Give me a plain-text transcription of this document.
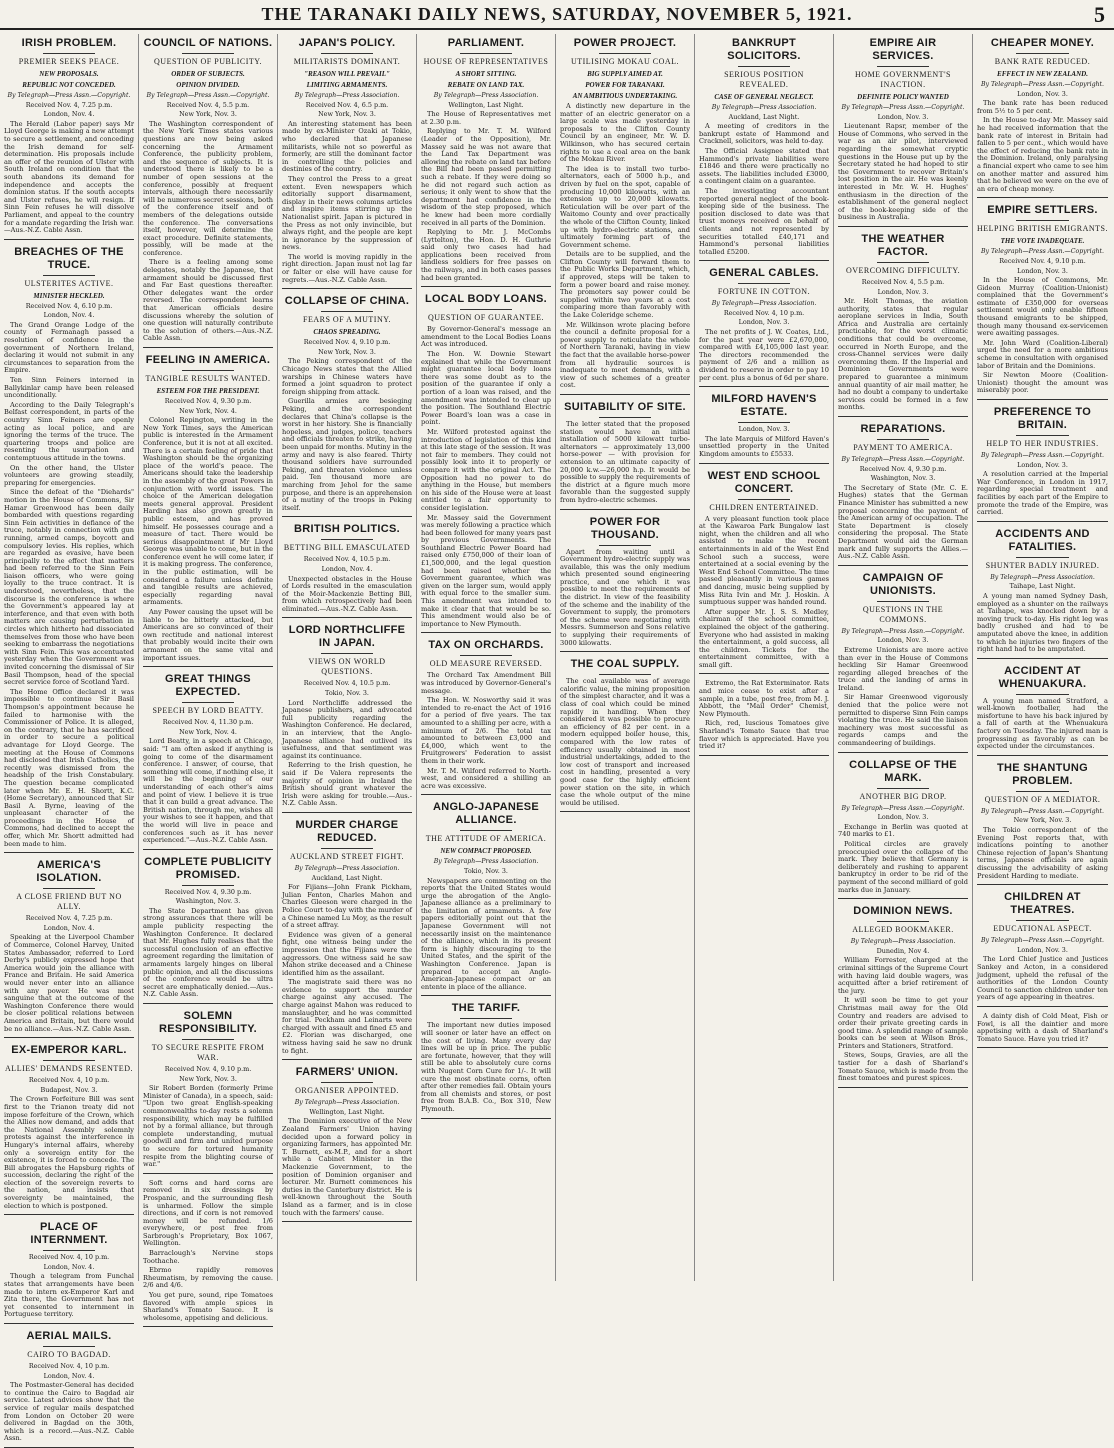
THE TARANAKI DAILY NEWS, SATURDAY, NOVEMBER 5, 1921.	5
IRISH PROBLEM.
PREMIER SEEKS PEACE.
NEW PROPOSALS.
REPUBLIC NOT CONCEDED.
By Telegraph—Press Assn.—Copyright.
Received Nov. 4, 7.25 p.m.
London, Nov. 4.

The Herald (Labor paper) says Mr Lloyd George is making a new attempt to secure a settlement, and conceding the Irish demand for self-determination. His proposals include an offer of the reunion of Ulster with South Ireland on condition that the south abandons its demand for independence and accepts the dominion status. If the south accepts and Ulster refuses, he will resign. If Sinn Fein refuses he will dissolve Parliament, and appeal to the country for a mandate regarding the Irish war.—Aus.-N.Z. Cable Assn.

BREACHES OF THE TRUCE.
ULSTERITES ACTIVE.
MINISTER HECKLED.
Received Nov. 4, 6.10 p.m.
London, Nov. 4.

The Grand Orange Lodge of the county of Fermanagh passed a resolution of confidence in the government of Northern Ireland, declaring it would not submit in any circumstances to separation from the Empire.

Ten Sinn Feiners interned in Ballykinlar camp have been released unconditionally.

According to the Daily Telegraph's Belfast correspondent, in parts of the country Sinn Feiners are openly acting as local police, and are ignoring the terms of the truce. The quartering troops and police are resenting the usurpation and contemptuous attitude in the towns.

On the other hand, the Ulster volunteers are growing steadily, preparing for emergencies.

Since the defeat of the "Diehards" motion in the House of Commons, Sir Hamar Greenwood has been daily bombarded with questions regarding Sinn Fein activities in defiance of the truce, notably in connection with gun running, armed camps, boycott and compulsory levies. His replies, which are regarded as evasive, have been principally to the effect that matters had been referred to the Sinn Fein liaison officers, who were going loyally to the truce contract. It is understood, nevertheless, that the discourse is the conference is where the Government's appeared lay at interference, and that even with both matters are causing perturbation in circles which hitherto had dissociated themselves from those who have been seeking to embarrass the negotiations with Sinn Fein. This was accentuated yesterday when the Government was invited concerning the dismissal of Sir Basil Thompson, head of the special secret service force of Scotland Yard.

The Home Office declared it was impossible to continue Sir Basil Thompson's appointment because he failed to harmonise with the Commissioner of Police. It is alleged, on the contrary, that he has sacrificed in order to secure a political advantage for Lloyd George. The meeting at the House of Commons had disclosed that Irish Catholics, the recently was dismissed from the headship of the Irish Constabulary. The question became complicated later when Mr. E. H. Shortt, K.C. (Home Secretary), announced that Sir Basil A. Byrne, leaving of the unpleasant character of the proceedings in the House of Commons, had declined to accept the offer, which Mr. Shortt admitted had been made to him.

AMERICA'S ISOLATION.
A CLOSE FRIEND BUT NO ALLY.
Received Nov. 4, 7.25 p.m.
London, Nov. 4.

Speaking at the Liverpool Chamber of Commerce, Colonel Harvey, United States Ambassador, referred to Lord Derby's publicly expressed hope that America would join the alliance with France and Britain. He said America would never enter into an alliance with any power. He was most sanguine that at the outcome of the Washington Conference there would be closer political relations between America and Britain, but there would be no alliance.—Aus.-N.Z. Cable Assn.

EX-EMPEROR KARL.
ALLIES' DEMANDS RESENTED.
Received Nov. 4, 10 p.m.
Budapest, Nov. 3.

The Crown Forfeiture Bill was sent first to the Trianon treaty did not impose forfeiture of the Crown, which the Allies now demand, and adds that the National Assembly solemnly protests against the interference in Hungary's internal affairs, whereby only a sovereign entity for the existence, it is forced to concede. The Bill abrogates the Hapsburg rights of succession, declaring the right of the election of the sovereign reverts to the nation, and insists that sovereignty be maintained, the election to which is postponed.

PLACE OF INTERNMENT.
Received Nov. 4, 10 p.m.
London, Nov. 4.

Though a telegram from Funchal states that arrangements have been made to intern ex-Emperor Karl and Zita there, the Government has not yet consented to internment in Portuguese territory.

AERIAL MAILS.
CAIRO TO BAGDAD.
Received Nov. 4, 10 p.m.
London, Nov. 4.

The Postmaster-General has decided to continue the Cairo to Bagdad air service. Latest advices show that the service of regular mails despatched from London on October 20 were delivered in Bagdad on the 30th, which is a record.—Aus.-N.Z. Cable Assn.

COUNCIL OF NATIONS.
QUESTION OF PUBLICITY.
ORDER OF SUBJECTS.
OPINION DIVIDED.
By Telegraph—Press Assn.—Copyright.
Received Nov. 4, 5.5 p.m.
New York, Nov. 3.

The Washington correspondent of the New York Times states various questions are now being asked concerning the Armament Conference, the publicity problem, and the sequence of subjects. It is understood there is likely to be a number of open sessions at the conference, possibly at frequent intervals, although there necessarily will be numerous secret sessions, both of the conference itself and of members of the delegations outside the conference. The conversations itself, however, will determine the exact procedure. Definite statements, possibly, will be made at the conference.

There is a feeling among some delegates, notably the Japanese, that armament should be discussed first and Far East questions thereafter. Other delegates want the order reversed. The correspondent learns that American officials desire discussions whereby the solution of one question will naturally contribute to the solution of others.—Aus.-N.Z. Cable Assn.

FEELING IN AMERICA.
TANGIBLE RESULTS WANTED.
ESTEEM FOR THE PRESIDENT.
Received Nov. 4, 9.30 p.m.
New York, Nov. 4.

Colonel Repington, writing in the New York Times, says the American public is interested in the Armament Conference, but it is not at all excited. There is a certain feeling of pride that Washington should be the organizing place of the world's peace. The Americans should take the leadership in the assembly of the great Powers in conjunction with world issues. The choice of the American delegation meets general approval. President Harding has also grown greatly in public esteem, and has proved himself. He possesses courage and a measure of tact. There would be serious disappointment if Mr Lloyd George was unable to come, but in the conference event he will come later, if it is making progress. The conference, in the public estimation, will be considered a failure unless definite and tangible results are achieved, especially regarding naval armaments.

Any Power causing the upset will be liable to be bitterly attacked, but Americans are so convinced of their own rectitude and national interest that probably would incite their own armament on the same vital and important issues.

GREAT THINGS EXPECTED.
SPEECH BY LORD BEATTY.
Received Nov. 4, 11.30 p.m.
New York, Nov. 4.

Lord Beatty, in a speech at Chicago, said: "I am often asked if anything is going to come of the disarmament conference. I answer, of course, that something will come, if nothing else, it will be the beginning of our understanding of each other's aims and point of view. I believe it is true that it can build a great advance. The British nation, through me, wishes all your wishes to see it happen, and that the world will live in peace and conferences such as it has never experienced."—Aus.-N.Z. Cable Assn.

COMPLETE PUBLICITY PROMISED.
Received Nov. 4, 9.30 p.m.
Washington, Nov. 3.

The State Department has given strong assurances that there will be ample publicity respecting the Washington Conference. It declared that Mr. Hughes fully realises that the successful conclusion of an effective agreement regarding the limitation of armaments largely hinges on liberal public opinion, and all the discussions of the conference would be ultra secret are emphatically denied.—Aus.-N.Z. Cable Assn.

SOLEMN RESPONSIBILITY.
TO SECURE RESPITE FROM WAR.
Received Nov. 4, 9.10 p.m.
New York, Nov. 3.

Sir Robert Borden (formerly Prime Minister of Canada), in a speech, said: "Upon two great English-speaking commonwealths to-day rests a solemn responsibility, which may be fulfilled not by a formal alliance, but through complete understanding, mutual goodwill and firm and united purpose to secure for tortured humanity respite from the blighting course of war."

Soft corns and hard corns are removed in six dressings by Prospanic, and the surrounding flesh is unharmed. Follow the simple directions, and if corn is not removed money will be refunded. 1/6 everywhere, or post free from Sarbrough's Proprietary, Box 1067, Wellington.

Barraclough's Nervine stops Toothache.

Ebrmo rapidly removes Rheumatism, by removing the cause. 2/6 and 4/6.

You get pure, sound, ripe Tomatoes flavored with ample spices in Sharland's Tomato Sauce. It is wholesome, appetising and delicious.

JAPAN'S POLICY.
MILITARISTS DOMINANT.
"REASON WILL PREVAIL"
LIMITING ARMAMENTS.
By Telegraph—Press Association.
Received Nov. 4, 6.5 p.m.
New York, Nov. 3.

An interesting statement has been made by ex-Minister Ozaki at Tokio, who declared that Japanese militarists, while not so powerful as formerly, are still the dominant factor in controlling the policies and destinies of the country.

They control the Press to a great extent. Even newspapers which editorially support disarmament, display in their news columns articles and inspire items stirring up the Nationalist spirit. Japan is pictured in the Press as not only invincible, but always right, and the people are kept in ignorance by the suppression of news.

The world is moving rapidly in the right direction. Japan must not lag far or falter or else will have cause for regrets.—Aus.-N.Z. Cable Assn.

COLLAPSE OF CHINA.
FEARS OF A MUTINY.
CHAOS SPREADING.
Received Nov. 4, 9.10 p.m.
New York, Nov. 3.

The Peking correspondent of the Chicago News states that the Allied warships in Chinese waters have formed a joint squadron to protect foreign shipping from attack.

Guerilla armies are besieging Peking, and the correspondent declares that China's collapse is the worst in her history. She is financially hopeless, and judges, police, teachers and officials threaten to strike, having been unpaid for months. Mutiny in the army and navy is also feared. Thirty thousand soldiers have surrounded Peking, and threaten violence unless paid. Ten thousand more are marching from Jehol for the same purpose, and there is an apprehension of a mutiny of the troops in Peking itself.

BRITISH POLITICS.
BETTING BILL EMASCULATED
Received Nov. 4, 10.5 p.m.
London, Nov. 4.

Unexpected obstacles in the House of Lords resulted in the emasculation of the Moir-Mackenzie Betting Bill, from which retrospectively had been eliminated.—Aus.-N.Z. Cable Assn.

LORD NORTHCLIFFE IN JAPAN.
VIEWS ON WORLD QUESTIONS.
Received Nov. 4, 10.5 p.m.
Tokio, Nov. 3.

Lord Northcliffe addressed the Japanese publishers, and advocated full publicity regarding the Washington Conference. He declared, in an interview, that the Anglo-Japanese alliance had outlived its usefulness, and that sentiment was against its continuance.

Referring to the Irish question, he said if De Valera represents the majority of opinion in Ireland the British should grant whatever the Irish were asking for trouble.—Aus.-N.Z. Cable Assn.

MURDER CHARGE REDUCED.
AUCKLAND STREET FIGHT.
By Telegraph—Press Association.
Auckland, Last Night.

For Fijians—John Frank Pickham, Julian Fenton, Charles Mahon and Charles Gleeson were charged in the Police Court to-day with the murder of a Chinese named Lu Moy, as the result of a street affray.

Evidence was given of a general fight, one witness being under the impression that the Fijians were the aggressors. One witness said he saw Mahon strike deceased and a Chinese identified him as the assailant.

The magistrate said there was no evidence to support the murder charge against any accused. The charge against Mahon was reduced to manslaughter, and he was committed for trial. Peckham and Leinarts were charged with assault and fined £5 and £2. Florian was discharged, one witness having said he saw no drunk to fight.

FARMERS' UNION.
ORGANISER APPOINTED.
By Telegraph—Press Association.
Wellington, Last Night.

The Dominion executive of the New Zealand Farmers' Union having decided upon a forward policy in organizing farmers, has appointed Mr. T. Burnett, ex-M.P., and for a short while a Cabinet Minister in the Mackenzie Government, to the position of Dominion organiser and lecturer. Mr. Burnett commences his duties in the Canterbury district. He is well-known throughout the South Island as a farmer, and is in close touch with the farmers' cause.

PARLIAMENT.
HOUSE OF REPRESENTATIVES
A SHORT SITTING.
REBATE ON LAND TAX.
By Telegraph—Press Association.
Wellington, Last Night.

The House of Representatives met at 2.30 p.m.

Replying to Mr. T. M. Wilford (Leader of the Opposition), Mr. Massey said he was not aware that the Land Tax Department was allowing the rebate on land tax before the Bill had been passed permitting such a rebate. If they were doing so he did not regard such action as serious; it only went to show that the department had confidence in the wisdom of the step proposed, which he knew had been more cordially received in all parts of the Dominion.

Replying to Mr. J. McCombs (Lyttelton), the Hon. D. H. Guthrie said only two cases had had applications been received from landless soldiers for free passes on the railways, and in both cases passes had been granted.

LOCAL BODY LOANS.
QUESTION OF GUARANTEE.

By Governor-General's message an amendment to the Local Bodies Loans Act was introduced.

The Hon. W. Downie Stewart explained that while the Government might guarantee local body loans there was some doubt as to the position of the guarantee if only a portion of a loan was raised, and the amendment was intended to clear up the position. The Southland Electric Power Board's loan was a case in point.

Mr. Wilford protested against the introduction of legislation of this kind at this late stage of the session. It was not fair to members. They could not possibly look into it to properly or compare it with the original Act. The Opposition had no power to do anything in the House, but members on his side of the House were at least entitled to a fair opportunity to consider legislation.

Mr. Massey said the Government was merely following a practice which had been followed for many years past by previous Governments. The Southland Electric Power Board had raised only £750,000 of their loan of £1,500,000, and the legal question had been raised whether the Government guarantee, which was given on the larger sum, would apply with equal force to the smaller sum. This amendment was intended to make it clear that that would be so. This amendment would also be of importance to New Plymouth.

TAX ON ORCHARDS.
OLD MEASURE REVERSED.

The Orchard Tax Amendment Bill was introduced by Governor-General's message.

The Hon. W. Nosworthy said it was intended to re-enact the Act of 1916 for a period of five years. The tax amounted to a shilling per acre, with a minimum of 2/6. The total tax amounted to between £3,000 and £4,000, which went to the Fruitgrowers' Federation to assist them in their work.

Mr. T. M. Wilford referred to North-west, and considered a shilling an acre was excessive.

ANGLO-JAPANESE ALLIANCE.
THE ATTITUDE OF AMERICA.
NEW COMPACT PROPOSED.
By Telegraph—Press Association.
Tokio, Nov. 3.

Newspapers are commenting on the reports that the United States would urge the abrogation of the Anglo-Japanese alliance as a preliminary to the limitation of armaments. A few papers editorially point out that the Japanese Government will not necessarily insist on the maintenance of the alliance, which in its present form is highly discouraging to the United States, and the spirit of the Washington Conference. Japan is prepared to accept an Anglo-American-Japanese compact or an entente in place of the alliance.

THE TARIFF.

The important new duties imposed will sooner or later have an effect on the cost of living. Many every day lines will be up in price. The public are fortunate, however, that they will still be able to absolutely cure corns with Nugent Corn Cure for 1/-. It will cure the most obstinate corns, often after other remedies fail. Obtain yours from all chemists and stores, or post free from B.A.B. Co., Box 310, New Plymouth.

POWER PROJECT.
UTILISING MOKAU COAL.
BIG SUPPLY AIMED AT.
POWER FOR TARANAKI.
AN AMBITIOUS UNDERTAKING.

A distinctly new departure in the matter of an electric generator on a large scale was made yesterday in proposals to the Clifton County Council by an engineer, Mr. W. D. Wilkinson, who has secured certain rights to use a coal area on the bank of the Mokau River.

The idea is to install two turbo-alternators, each of 5000 h.p., and driven by fuel on the spot, capable of producing 10,000 kilowatts, with an extension up to 20,000 kilowatts. Reticulation will be over part of the Waitomo County and over practically the whole of the Clifton County, linked up with hydro-electric stations, and ultimately forming part of the Government scheme.

Details are to be supplied, and the Clifton County will forward them to the Public Works Department, which, if approved, steps will be taken to form a power board and raise money. The promoters say power could be supplied within two years at a cost comparing more than favorably with the Lake Coleridge scheme.

Mr. Wilkinson wrote placing before the council a definite proposal for a power supply to reticulate the whole of Northern Taranaki, having in view the fact that the available horse-power from all hydraulic sources is inadequate to meet demands, with a view of such schemes of a greater cost.

SUITABILITY OF SITE.

The letter stated that the proposed station would have an initial installation of 5000 kilowatt turbo-alternators — approximately 13,000 horse-power — with provision for extension to an ultimate capacity of 20,000 k.w.—26,000 h.p. It would be possible to supply the requirements of the district at a figure much more favorable than the suggested supply from hydro-electric schemes.

POWER FOR THOUSAND.

Apart from waiting until a Government hydro-electric supply was available, this was the only medium which presented sound engineering practice, and one which it was possible to meet the requirements of the district. In view of the feasibility of the scheme and the inability of the Government to supply, the promoters of the scheme were negotiating with Messrs. Summerson and Sons relative to supplying their requirements of 3000 kilowatts.

THE COAL SUPPLY.

The coal available was of average calorific value, the mining proposition of the simplest character, and it was a class of coal which could be mined rapidly in handling. When they considered it was possible to procure an efficiency of 82 per cent. in a modern equipped boiler house, this, compared with the low rates of efficiency usually obtained in most industrial undertakings, added to the low cost of transport and increased cost in handling, presented a very good case for the highly efficient power station on the site, in which case the whole output of the mine would be utilised.

BANKRUPT SOLICITORS.
SERIOUS POSITION REVEALED.
CASE OF GENERAL NEGLECT.
By Telegraph—Press Association.
Auckland, Last Night.

A meeting of creditors in the bankrupt estate of Hammond and Cracknell, solicitors, was held to-day.

The Official Assignee stated that Hammond's private liabilities were £1846 and there were practically no assets. The liabilities included £3000, a contingent claim on a guarantee.

The investigating accountant reported general neglect of the book-keeping side of the business. The position disclosed to date was that trust moneys received on behalf of clients and not represented by securities totalled £40,171 and Hammond's personal liabilities totalled £5200.

GENERAL CABLES.
FORTUNE IN COTTON.
By Telegraph—Press Association.
Received Nov. 4, 10 p.m.
London, Nov. 3.

The net profits of J. W. Coates, Ltd., for the past year were £2,670,000, compared with £4,105,000 last year. The directors recommended the payment of 2/6 and a million as dividend to reserve in order to pay 10 per cent. plus a bonus of 6d per share.

MILFORD HAVEN'S ESTATE.
London, Nov. 3.

The late Marquis of Milford Haven's unsettled property in the United Kingdom amounts to £5533.

WEST END SCHOOL CONCERT.
CHILDREN ENTERTAINED.

A very pleasant function took place at the Kawaroa Park Bungalow last night, when the children and all who assisted to make the recent entertainments in aid of the West End School such a success, were entertained at a social evening by the West End School Committee. The time passed pleasantly in various games and dancing, music being supplied by Miss Rita Ivin and Mr. J. Hoskin. A sumptuous supper was handed round.

After supper Mr. J. S. S. Medley, chairman of the school committee, explained the object of the gathering. Everyone who had assisted in making the entertainment, a gold success, all the children. Tickets for the entertainment committee, with a small gift.

Extremo, the Rat Exterminator. Rats and mice cease to exist after a sample, in a tube, post free, from M. J. Abbott, the "Mail Order" Chemist, New Plymouth.

Rich, red, luscious Tomatoes give Sharland's Tomato Sauce that true flavor which is appreciated. Have you tried it?

EMPIRE AIR SERVICES.
HOME GOVERNMENT'S INACTION.
DEFINITE POLICY WANTED
By Telegraph—Press Assn.—Copyright.
London, Nov. 3.

Lieutenant Rapsr, member of the House of Commons, who served in the war as an air pilot, interviewed regarding the somewhat cryptic questions in the House put up by the Secretary stated he had hoped to stir the Government to recover Britain's lost position in the air. He was keenly interested in Mr. W. H. Hughes' enthusiasm in the direction of the establishment of the general neglect of the book-keeping side of the business in Australia.

THE WEATHER FACTOR.
OVERCOMING DIFFICULTY.
Received Nov. 4, 5.5 p.m.
London, Nov. 3.

Mr. Holt Thomas, the aviation authority, states that regular aeroplane services in India, South Africa and Australia are certainly practicable, for the worst climatic conditions that could be overcome, occurred in North Europe, and the cross-Channel services were daily overcoming them. If the Imperial and Dominion Governments were prepared to guarantee a minimum annual quantity of air mail matter, he had no doubt a company to undertake services could be formed in a few months.

REPARATIONS.
PAYMENT TO AMERICA.
By Telegraph—Press Assn.—Copyright.
Received Nov. 4, 9.30 p.m.
Washington, Nov. 3.

The Secretary of State (Mr. C. E. Hughes) states that the German Finance Minister has submitted a new proposal concerning the payment of the American army of occupation. The State Department is closely considering the proposal. The State Department would aid the German mark and fully supports the Allies.—Aus.-N.Z. Cable Assn.

CAMPAIGN OF UNIONISTS.
QUESTIONS IN THE COMMONS.
By Telegraph—Press Assn.—Copyright.
London, Nov. 3.

Extreme Unionists are more active than ever in the House of Commons heckling Sir Hamar Greenwood regarding alleged breaches of the truce and the landing of arms in Ireland.

Sir Hamar Greenwood vigorously denied that the police were not permitted to disperse Sinn Fein camps violating the truce. He said the liaison machinery was most successful as regards camps and the commandeering of buildings.

COLLAPSE OF THE MARK.
ANOTHER BIG DROP.
By Telegraph—Press Assn.—Copyright.
London, Nov. 3.

Exchange in Berlin was quoted at 740 marks to £1.

Political circles are gravely preoccupied over the collapse of the mark. They believe that Germany is deliberately and rushing to apparent bankruptcy in order to be rid of the payment of the second milliard of gold marks due in January.

DOMINION NEWS.
ALLEGED BOOKMAKER.
By Telegraph—Press Association.
Dunedin, Nov 4.

William Forrester, charged at the criminal sittings of the Supreme Court with having laid double wagers, was acquitted after a brief retirement of the jury.

It will soon be time to get your Christmas mail away for the Old Country and readers are advised to order their private greeting cards in good time. A splendid range of sample books can be seen at Wilson Bros., Printers and Stationers, Stratford.

Stews, Soups, Gravies, are all the tastier for a dash of Sharland's Tomato Sauce, which is made from the finest tomatoes and purest spices.

CHEAPER MONEY.
BANK RATE REDUCED.
EFFECT IN NEW ZEALAND.
By Telegraph—Press Assn.—Copyright.
London, Nov. 3.

The bank rate has been reduced from 5½ to 5 per cent.

In the House to-day Mr. Massey said he had received information that the bank rate of interest in Britain had fallen to 5 per cent., which would have the effect of reducing the bank rate in the Dominion. Ireland, only paralysing a financial expert who came to see him on another matter and assured him that he believed we were on the eve of an era of cheap money.

EMPIRE SETTLERS.
HELPING BRITISH EMIGRANTS.
THE VOTE INADEQUATE.
By Telegraph—Press Assn.—Copyright.
Received Nov. 4, 9.10 p.m.
London, Nov. 3.

In the House of Commons, Mr. Gideon Murray (Coalition-Unionist) complained that the Government's estimate of £350,000 for overseas settlement would only enable fifteen thousand emigrants to be shipped, though many thousand ex-servicemen were awaiting passages.

Mr. John Ward (Coalition-Liberal) urged the need for a more ambitious scheme in consultation with organised labor of Britain and the Dominions.

Sir Newton Moore (Coalition-Unionist) thought the amount was miserably poor.

PREFERENCE TO BRITAIN.
HELP TO HER INDUSTRIES.
By Telegraph—Press Assn.—Copyright.
London, Nov. 3.

A resolution carried at the Imperial War Conference, in London in 1917, regarding special treatment and facilities by each part of the Empire to promote the trade of the Empire, was carried.

ACCIDENTS AND FATALITIES.
SHUNTER BADLY INJURED.
By Telegraph—Press Association.
Taihape, Last Night.

A young man named Sydney Dash, employed as a shunter on the railways at Taihape, was knocked down by a moving truck to-day. His right leg was badly crushed and had to be amputated above the knee, in addition to which he injuries two fingers of the right hand had to be amputated.

ACCIDENT AT WHENUAKURA.

A young man named Stratford, a well-known footballer, had the misfortune to have his back injured by a fall of earth at the Whenuakura factory on Tuesday. The injured man is progressing as favorably as can be expected under the circumstances.

THE SHANTUNG PROBLEM.
QUESTION OF A MEDIATOR.
By Telegraph—Press Assn.—Copyright.
New York, Nov. 3.

The Tokio correspondent of the Evening Post reports that, with indications pointing to another Chinese rejection of Japan's Shantung terms, Japanese officials are again discussing the advisability of asking President Harding to mediate.

CHILDREN AT THEATRES.
EDUCATIONAL ASPECT.
By Telegraph—Press Assn.—Copyright.
London, Nov. 3.

The Lord Chief Justice and Justices Sankey and Acton, in a considered judgment, upheld the refusal of the authorities of the London County Council to sanction children under ten years of age appearing in theatres.

A dainty dish of Cold Meat, Fish or Fowl, is all the daintier and more appetising with a dash of Sharland's Tomato Sauce. Have you tried it?
